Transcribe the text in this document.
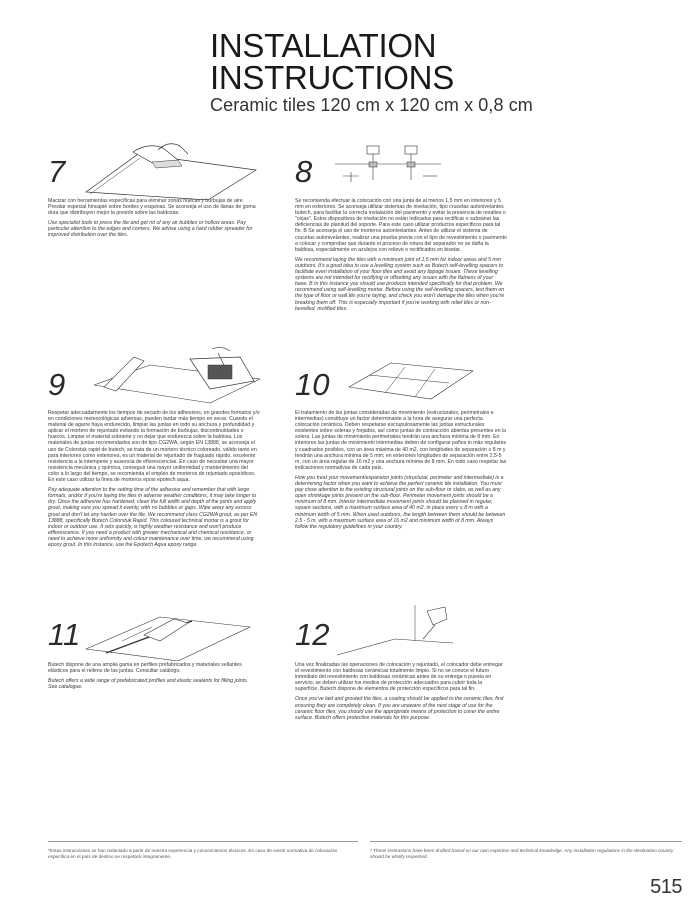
INSTALLATION
INSTRUCTIONS
Ceramic tiles 120 cm x 120 cm x 0,8 cm
7

Macizar con herramientas específicas para eliminar zonas huecas y burbujas de aire. Presitar especial hincapié sobre bordes y esquinas. Se aconseja el uso de llanas de goma dura que distribuyen mejor la presión sobre las baldosas.

Use specialist tools to press the tile and get rid of any air bubbles or hollow areas. Pay particular attention to the edges and corners. We advise using a hard rubber spreader for improved distribution over the tiles.

8

Se recomienda efectuar la colocación con una junta de al menos 1,5 mm en interiores y 5 mm en exteriores. Se aconseja utilizar sistemas de nivelación, tipo crucetas autonivelantes butech, para facilitar la correcta instalación del pavimento y evitar la presencia de resaltes o "cejas". Estos dispositivos de nivelación no están indicados para rectificar o subsanar las deficiencias de planitud del soporte. Para este caso utilizar productos específicos para tal fin. B Se aconseja el uso de morteros autonivelantes. Antes de utilizar el sistema de crucetas autonivelantes, realizar una prueba previa con el tipo de revestimiento o pavimento a colocar y comprobar que durante el proceso de rotura del separador no se daña la baldosa, especialmente en azulejos con relieve o rectificados en bisetar.

We recommend laying the tiles with a minimum joint of 1.5 mm for indoor areas and 5 mm outdoors. It's a good idea to use a levelling system such as Butech self-levelling spacers to facilitate even installation of your floor tiles and avoid any lippage issues. These levelling systems are not intended for rectifying or offsetting any issues with the flatness of your base. B In this instance you should use products intended specifically for that problem. We recommend using self-levelling mortar. Before using the self-levelling spacers, test them on the type of floor or wall tile you're laying, and check you won't damage the tiles when you're breaking them off. This is especially important if you're working with relief tiles or non-bevelled, rectified tiles.

9

Respetar adecuadamente los tiempos de secado de los adhesivos, en grandes formatos y/o en condiciones meteorológicas adversas, pueden tardar más tiempo en secar. Cuando el material de agarre haya endurecido, limpiar las juntas en todo su anchura y profundidad y aplicar el mortero de rejuntado evitando la formación de burbujas, discontinuidades o huecos. Limpiar el material sobrante y no dejar que endurezca sobre la baldosa. Los materiales de juntas recomendados son de tipo CG2WA, según EN 13888, se aconseja el uso de Colorstuk rapid de butech, se trata de un mortero técnico coloreado, válido tanto en para interiores como exteriores, es un material de rejuntado de fraguado rápido, excelente resistencia a la intemperie y ausencia de eflorescencias. En caso de necesitar una mayor resistencia mecánica y química, conseguir una mayor uniformidad y mantenimiento del color a lo largo del tiempo, se recomienda el empleo de morteros de rejuntado epoxídicos. En este caso utilizar la línea de morteros epoxi epotech aqua.

Pay adequate attention to the setting time of the adhesive and remember that with large formats, and/or if you're laying the tiles in adverse weather conditions, it may take longer to dry. Once the adhesive has hardened, clean the full width and depth of the joints and apply grout, making sure you spread it evenly, with no bubbles or gaps. Wipe away any excess grout and don't let any harden over the tile. We recommend class CG2WA grout, as per EN 13888, specifically Butech Colorstuk Rapid. This coloured technical mortar is a grout for indoor or outdoor use. It sets quickly, is highly weather resistance and won't produce efflorescence. If you need a product with greater mechanical and chemical resistance, or need to achieve more uniformity and colour maintenance over time, we recommend using epoxy grout. In this instance, use the Epotech Aqua epoxy range.

10

El tratamiento de las juntas consideradas de movimiento (estructurales, perimetrales e intermedias) constituye un factor determinante a la hora de asegurar una perfecta colocación cerámica. Deben respetarse escrupulosamente las juntas estructurales existentes sobre soleras y forjados, así como juntas de contracción abiertas presentes en la solera. Las juntas de movimiento perimetrales tendrán una anchura mínima de 8 mm. En interiores las juntas de movimiento intermedias deben de configurar paños in más regulares y cuadrados posibles, con un área máxima de 40 m2, con longitudes de separación ≤ 8 m y tendrán una anchura mínima de 5 mm; en exteriores longitudes de separación entre 2,5-5 m, con un área regular de 16 m2 y una anchura mínima de 8 mm. En todo caso respetar las indicaciones normativas de cada país.

How you treat your movement/expansion joints (structural, perimeter and intermediate) is a determining factor when you want to achieve the perfect ceramic tile installation. You must pay close attention to the existing structural joints on the sub-floor or slabs, as well as any open shrinkage joints present on the sub-floor. Perimeter movement joints should be a minimum of 8 mm. Interior intermediate movement joints should be planned in regular, square sections, with a maximum surface area of 40 m2, in place every ≤ 8 m with a minimum width of 5 mm. When used outdoors, the length between them should be between 2.5 - 5 m, with a maximum surface area of 16 m2 and minimum width of 8 mm. Always follow the regulatory guidelines in your country.

11

Butech dispone de una amplia gama en perfiles prefabricados y materiales sellantes elásticos para el relleno de las juntas. Consultar catálogo.

Butech offers a wide range of prefabricated profiles and elastic sealants for filling joints. See catalogue.

12

Una vez finalizadas las operaciones de colocación y rejuntado, el colocador debe entregar el revestimiento con baldosas cerámicas totalmente limpio. Si no se conoce el futuro inmediato del revestimiento con baldosas cerámicas antes de su entrega o puesta en servicio, se deben utilizar los medios de protección adecuados para cubrir toda la superficie. Butech dispone de elementos de protección específicos para tal fin.

Once you've laid and grouted the tiles, a coating should be applied to the ceramic tiles, first ensuring they are completely clean. If you are unaware of the next stage of use for the ceramic floor tiles, you should use the appropriate means of protection to cover the entire surface. Butech offers protective materials for this purpose.

*Estas instrucciones se han redactado a partir de nuestra experiencia y conocimientos técnicos. En caso de existir normativa de colocación específica en el país de destino se respetará íntegramente.
* These instructions have been drafted based on our own expertise and technical knowledge. Any installation regulations in the destination country should be wholly respected.
515
